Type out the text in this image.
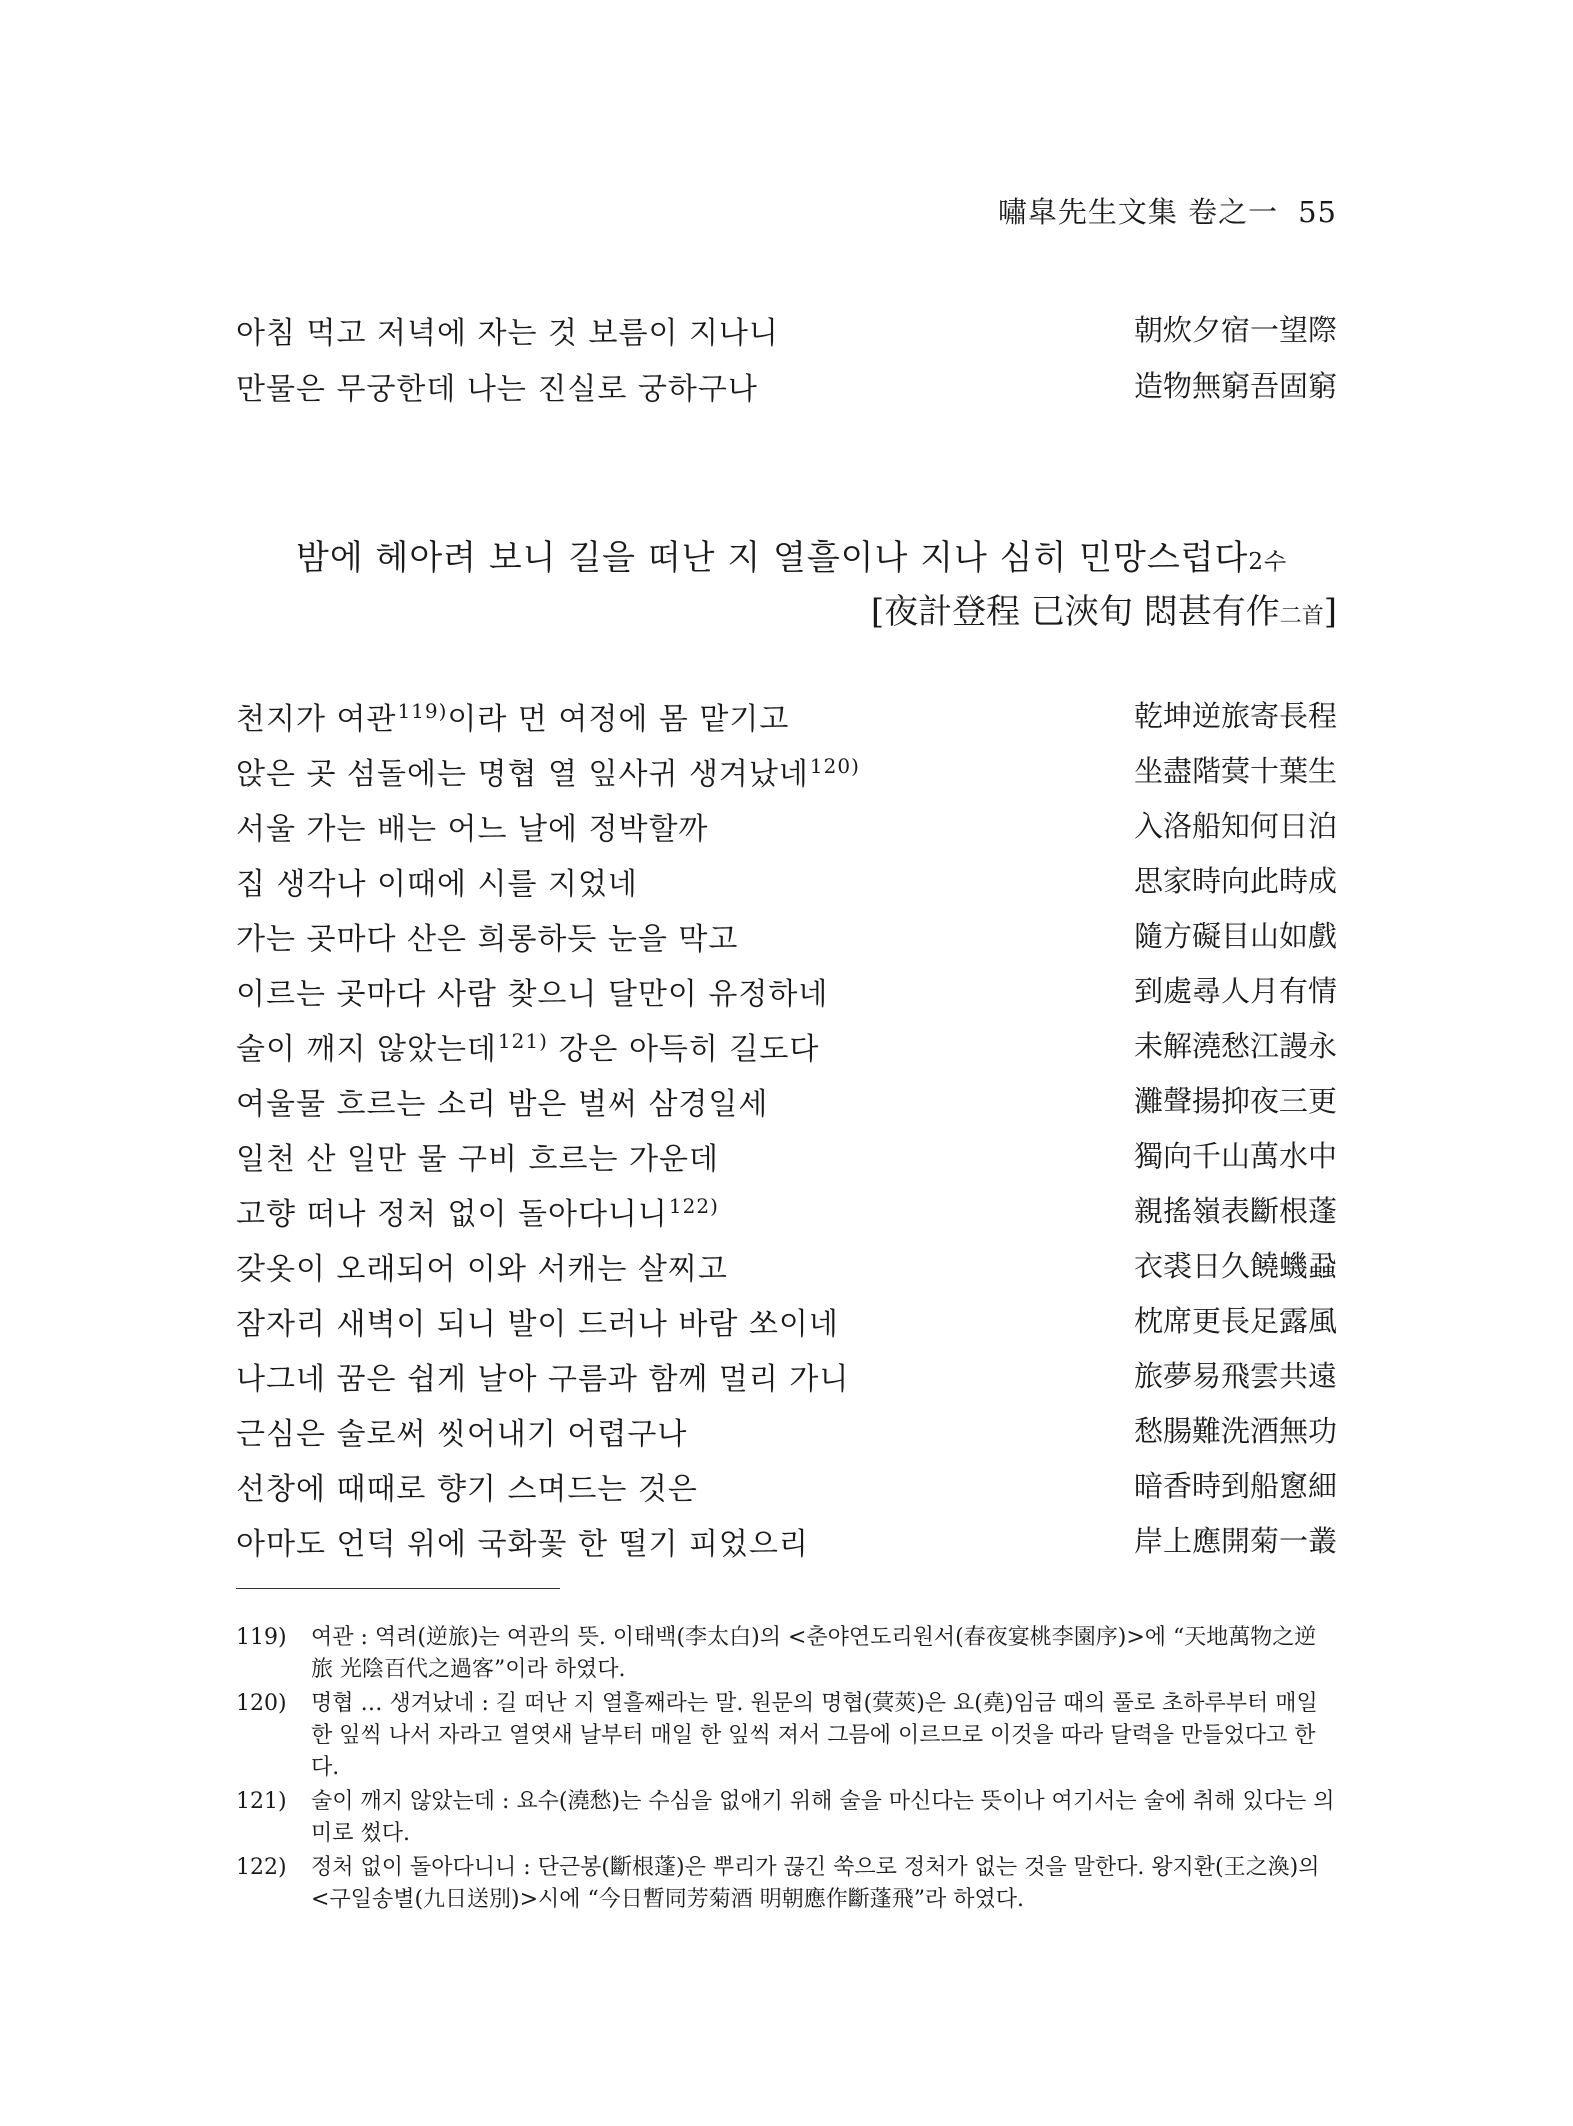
嘯皐先生文集 卷之一 55
아침 먹고 저녁에 자는 것 보름이 지나니	朝炊夕宿一望際
만물은 무궁한데 나는 진실로 궁하구나	造物無窮吾固窮
밤에 헤아려 보니 길을 떠난 지 열흘이나 지나 심히 민망스럽다2수
[夜計登程 已浹旬 悶甚有作二首]
천지가 여관$^{119)}$이라 먼 여정에 몸 맡기고	乾坤逆旅寄長程
앉은 곳 섬돌에는 명협 열 잎사귀 생겨났네$^{120)}$	坐盡階蓂十葉生
서울 가는 배는 어느 날에 정박할까	入洛船知何日泊
집 생각나 이때에 시를 지었네	思家時向此時成
가는 곳마다 산은 희롱하듯 눈을 막고	隨方礙目山如戲
이르는 곳마다 사람 찾으니 달만이 유정하네	到處尋人月有情
술이 깨지 않았는데$^{121)}$ 강은 아득히 길도다	未解澆愁江謾永
여울물 흐르는 소리 밤은 벌써 삼경일세	灘聲揚抑夜三更
일천 산 일만 물 구비 흐르는 가운데	獨向千山萬水中
고향 떠나 정처 없이 돌아다니니$^{122)}$	親搖嶺表斷根蓬
갖옷이 오래되어 이와 서캐는 살찌고	衣裘日久饒蟣蝨
잠자리 새벽이 되니 발이 드러나 바람 쏘이네	枕席更長足露風
나그네 꿈은 쉽게 날아 구름과 함께 멀리 가니	旅夢易飛雲共遠
근심은 술로써 씻어내기 어렵구나	愁腸難洗酒無功
선창에 때때로 향기 스며드는 것은	暗香時到船窻細
아마도 언덕 위에 국화꽃 한 떨기 피었으리	岸上應開菊一叢
119) 여관 : 역려(逆旅)는 여관의 뜻. 이태백(李太白)의 <춘야연도리원서(春夜宴桃李園序)>에 “天地萬物之逆旅 光陰百代之過客”이라 하였다.
120) 명협 … 생겨났네 : 길 떠난 지 열흘째라는 말. 원문의 명협(蓂莢)은 요(堯)임금 때의 풀로 초하루부터 매일 한 잎씩 나서 자라고 열엿새 날부터 매일 한 잎씩 져서 그믐에 이르므로 이것을 따라 달력을 만들었다고 한다.
121) 술이 깨지 않았는데 : 요수(澆愁)는 수심을 없애기 위해 술을 마신다는 뜻이나 여기서는 술에 취해 있다는 의미로 썼다.
122) 정처 없이 돌아다니니 : 단근봉(斷根蓬)은 뿌리가 끊긴 쑥으로 정처가 없는 것을 말한다. 왕지환(王之渙)의 <구일송별(九日送別)>시에 “今日暫同芳菊酒 明朝應作斷蓬飛”라 하였다.
